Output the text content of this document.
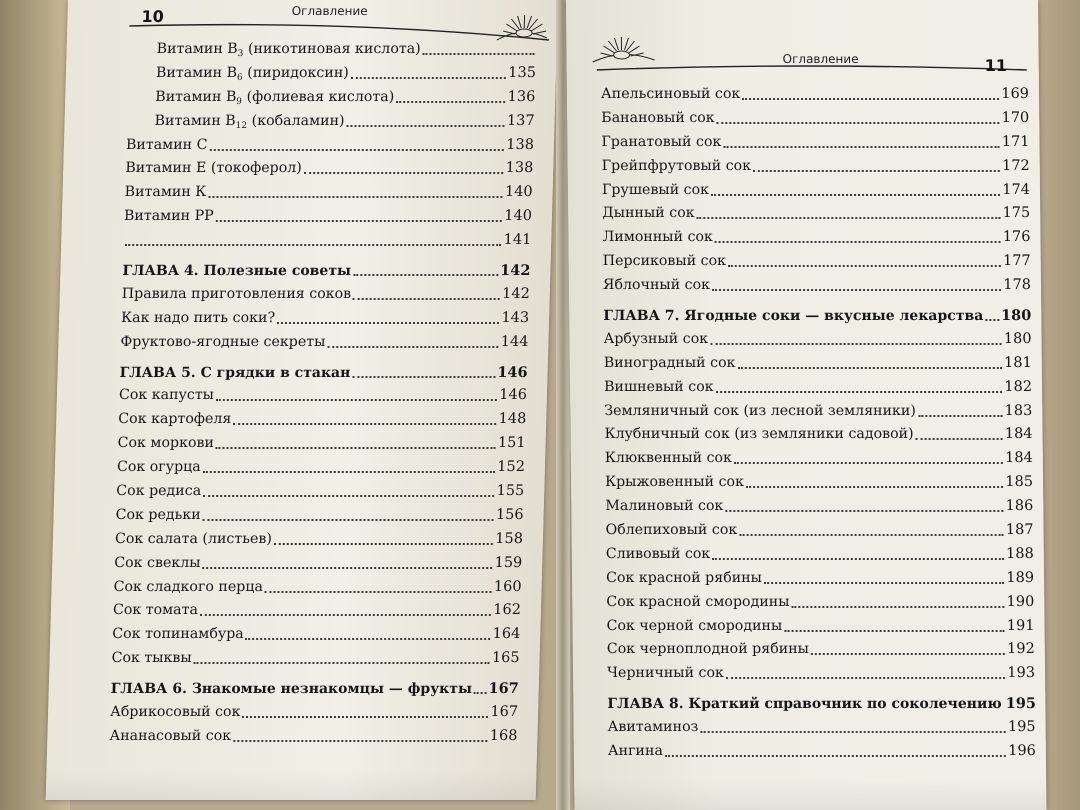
10	Оглавление
Витамин $B_3$ (никотиновая кислота)
Витамин $B_6$ (пиридоксин)	135
Витамин $B_9$ (фолиевая кислота)	136
Витамин $B_{12}$ (кобаламин)	137
Витамин С	138
Витамин Е (токоферол)	138
Витамин К	140
Витамин РР	140
141
ГЛАВА 4. Полезные советы	142
Правила приготовления соков	142
Как надо пить соки?	143
Фруктово-ягодные секреты	144
ГЛАВА 5. С грядки в стакан	146
Сок капусты	146
Сок картофеля	148
Сок моркови	151
Сок огурца	152
Сок редиса	155
Сок редьки	156
Сок салата (листьев)	158
Сок свеклы	159
Сок сладкого перца	160
Сок томата	162
Сок топинамбура	164
Сок тыквы	165
ГЛАВА 6. Знакомые незнакомцы — фрукты 167
Абрикосовый сок	167
Ананасовый сок	168
Оглавление	11
Апельсиновый сок	169
Банановый сок	170
Гранатовый сок	171
Грейпфрутовый сок	172
Грушевый сок	174
Дынный сок	175
Лимонный сок	176
Персиковый сок	177
Яблочный сок	178
ГЛАВА 7. Ягодные соки — вкусные лекарства 180
Арбузный сок	180
Виноградный сок	181
Вишневый сок	182
Земляничный сок (из лесной земляники)	183
Клубничный сок (из земляники садовой)	184
Клюквенный сок	184
Крыжовенный сок	185
Малиновый сок	186
Облепиховый сок	187
Сливовый сок	188
Сок красной рябины	189
Сок красной смородины	190
Сок черной смородины	191
Сок черноплодной рябины	192
Черничный сок	193
ГЛАВА 8. Краткий справочник по соколечению 195
Авитаминоз	195
Ангина	196
